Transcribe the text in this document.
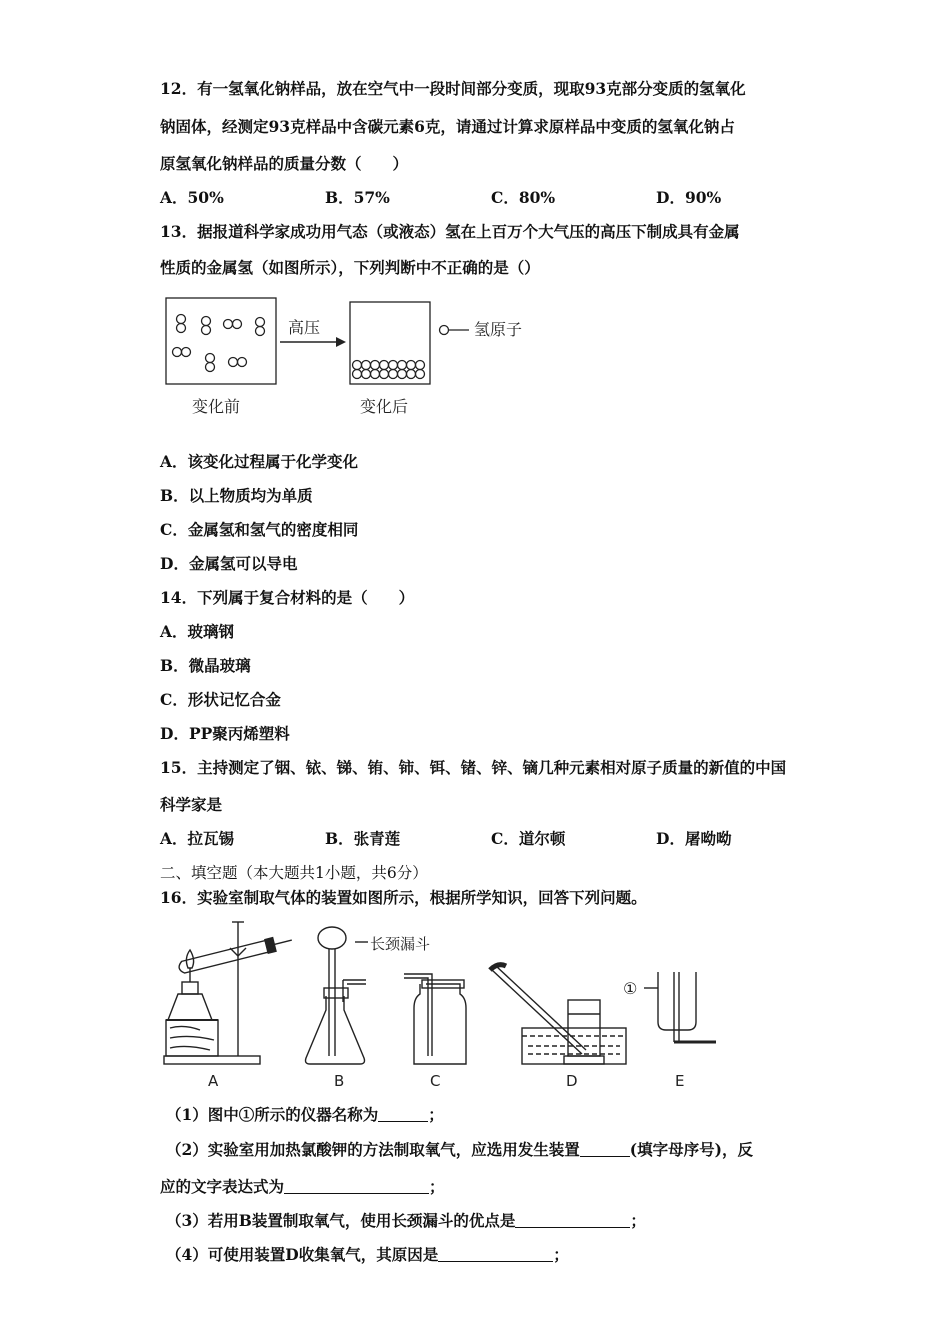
12．有一氢氧化钠样品，放在空气中一段时间部分变质，现取93克部分变质的氢氧化
钠固体，经测定93克样品中含碳元素6克，请通过计算求原样品中变质的氢氧化钠占
原氢氧化钠样品的质量分数（　　）
A．50%	B．57%	C．80%	D．90%
13．据报道科学家成功用气态（或液态）氢在上百万个大气压的高压下制成具有金属
性质的金属氢（如图所示），下列判断中不正确的是（）
高压	氢原子
变化前	变化后
A．该变化过程属于化学变化
B．以上物质均为单质
C．金属氢和氢气的密度相同
D．金属氢可以导电
14．下列属于复合材料的是（　　）
A．玻璃钢
B．微晶玻璃
C．形状记忆合金
D．PP聚丙烯塑料
15．主持测定了铟、铱、锑、铕、铈、铒、锗、锌、镝几种元素相对原子质量的新值的中国
科学家是
A．拉瓦锡	B．张青莲	C．道尔顿	D．屠呦呦
二、填空题（本大题共1小题，共6分）
16．实验室制取气体的装置如图所示，根据所学知识，回答下列问题。
长颈漏斗
①
A	B	C	D	E
（1）图中①所示的仪器名称为	；
（2）实验室用加热氯酸钾的方法制取氧气，应选用发生装置	(填字母序号)，反
应的文字表达式为	；
（3）若用B装置制取氧气，使用长颈漏斗的优点是	；
（4）可使用装置D收集氧气，其原因是	；
